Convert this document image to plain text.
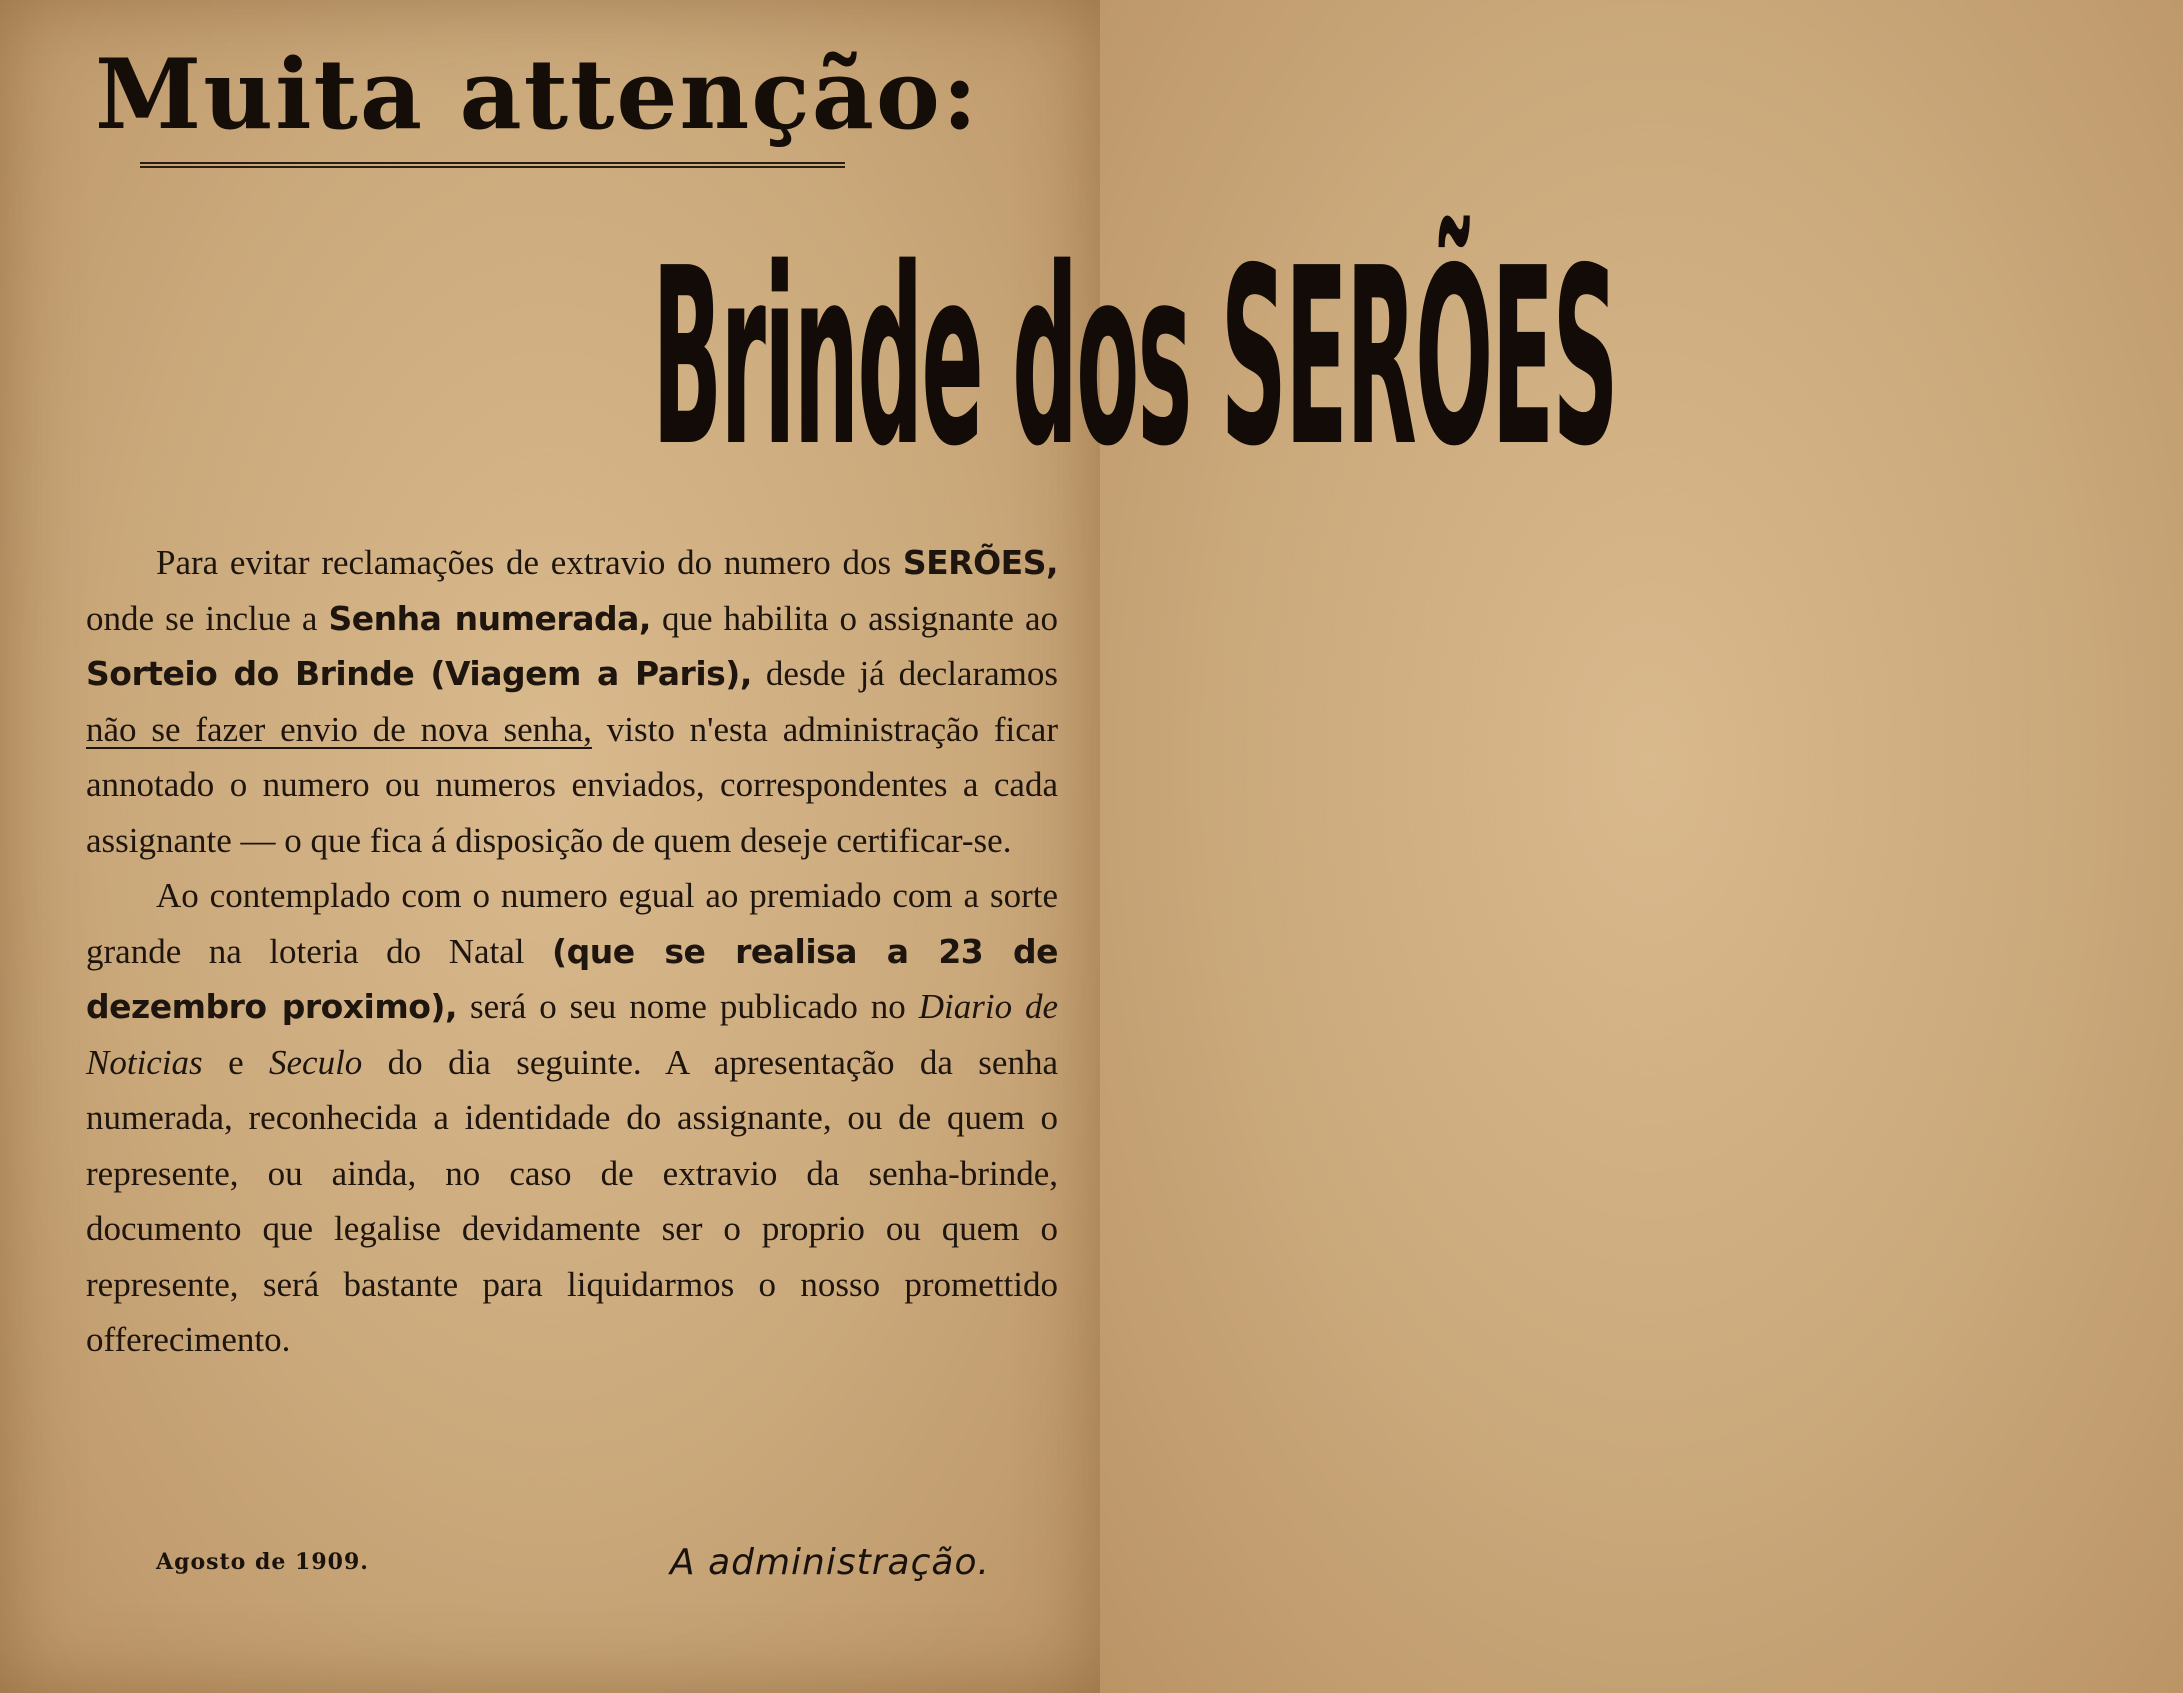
Muita attenção:
Brinde dos SERÕES

Para evitar reclamações de extravio do numero dos SERÕES, onde se inclue a Senha numerada, que habilita o assignante ao Sorteio do Brinde (Viagem a Paris), desde já declaramos não se fazer envio de nova senha, visto n'esta administração ficar annotado o numero ou numeros enviados, correspondentes a cada assignante — o que fica á disposição de quem deseje certificar-se.

Ao contemplado com o numero egual ao premiado com a sorte grande na loteria do Natal (que se realisa a 23 de dezembro proximo), será o seu nome publicado no Diario de Noticias e Seculo do dia seguinte. A apresentação da senha numerada, reconhecida a identidade do assignante, ou de quem o represente, ou ainda, no caso de extravio da senha-brinde, documento que legalise devidamente ser o proprio ou quem o represente, será bastante para liquidarmos o nosso promettido offerecimento.

Agosto de 1909.	A administração.
